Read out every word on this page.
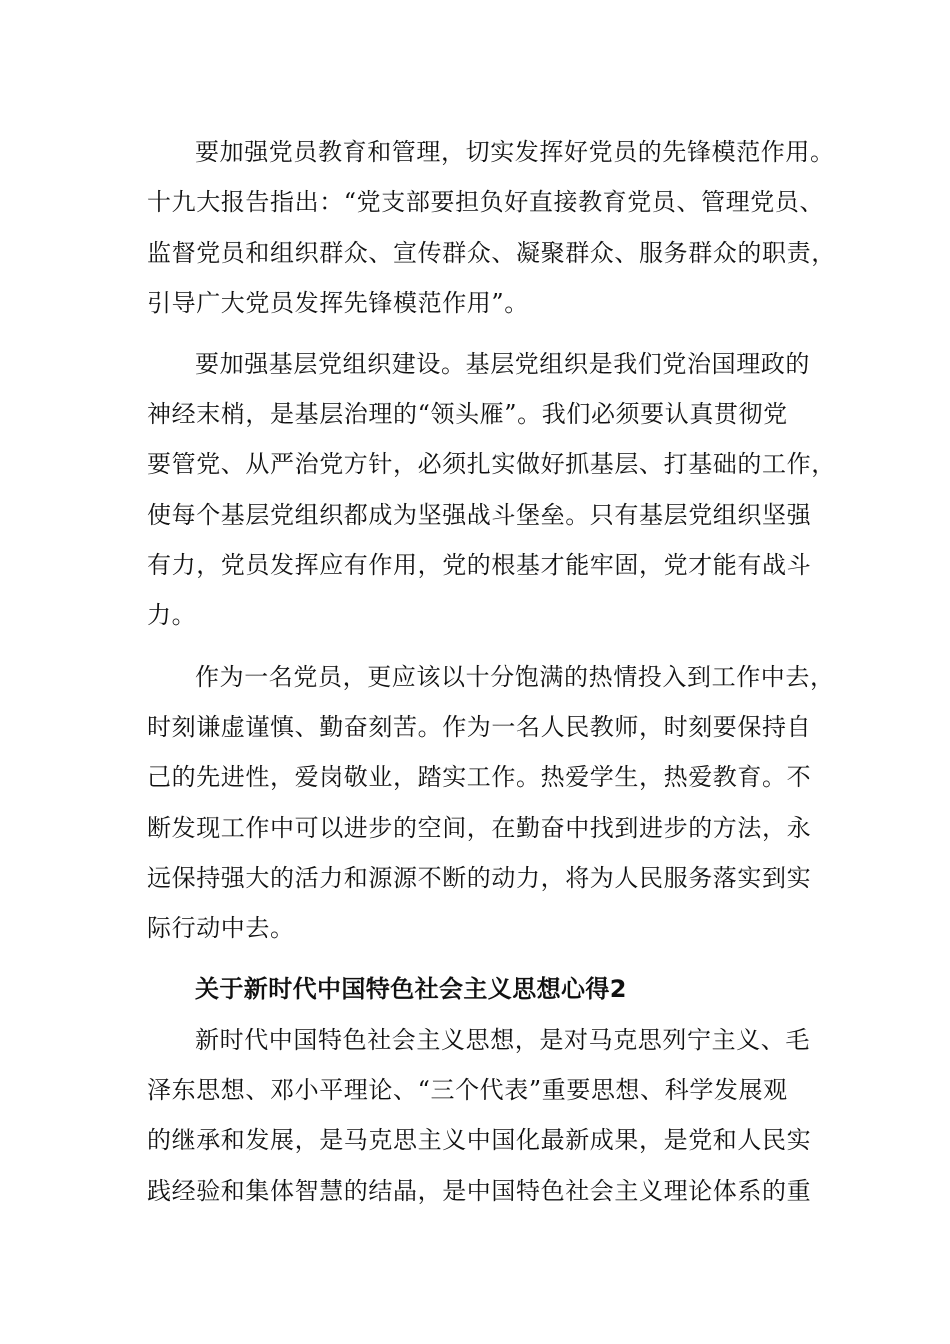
要加强党员教育和管理，切实发挥好党员的先锋模范作用。

十九大报告指出：“党支部要担负好直接教育党员、管理党员、

监督党员和组织群众、宣传群众、凝聚群众、服务群众的职责，

引导广大党员发挥先锋模范作用”。

要加强基层党组织建设。基层党组织是我们党治国理政的

神经末梢，是基层治理的“领头雁”。我们必须要认真贯彻党

要管党、从严治党方针，必须扎实做好抓基层、打基础的工作，

使每个基层党组织都成为坚强战斗堡垒。只有基层党组织坚强

有力，党员发挥应有作用，党的根基才能牢固，党才能有战斗

力。

作为一名党员，更应该以十分饱满的热情投入到工作中去，

时刻谦虚谨慎、勤奋刻苦。作为一名人民教师，时刻要保持自

己的先进性，爱岗敬业，踏实工作。热爱学生，热爱教育。不

断发现工作中可以进步的空间，在勤奋中找到进步的方法，永

远保持强大的活力和源源不断的动力，将为人民服务落实到实

际行动中去。

关于新时代中国特色社会主义思想心得2

新时代中国特色社会主义思想，是对马克思列宁主义、毛

泽东思想、邓小平理论、“三个代表”重要思想、科学发展观

的继承和发展，是马克思主义中国化最新成果，是党和人民实

践经验和集体智慧的结晶，是中国特色社会主义理论体系的重
